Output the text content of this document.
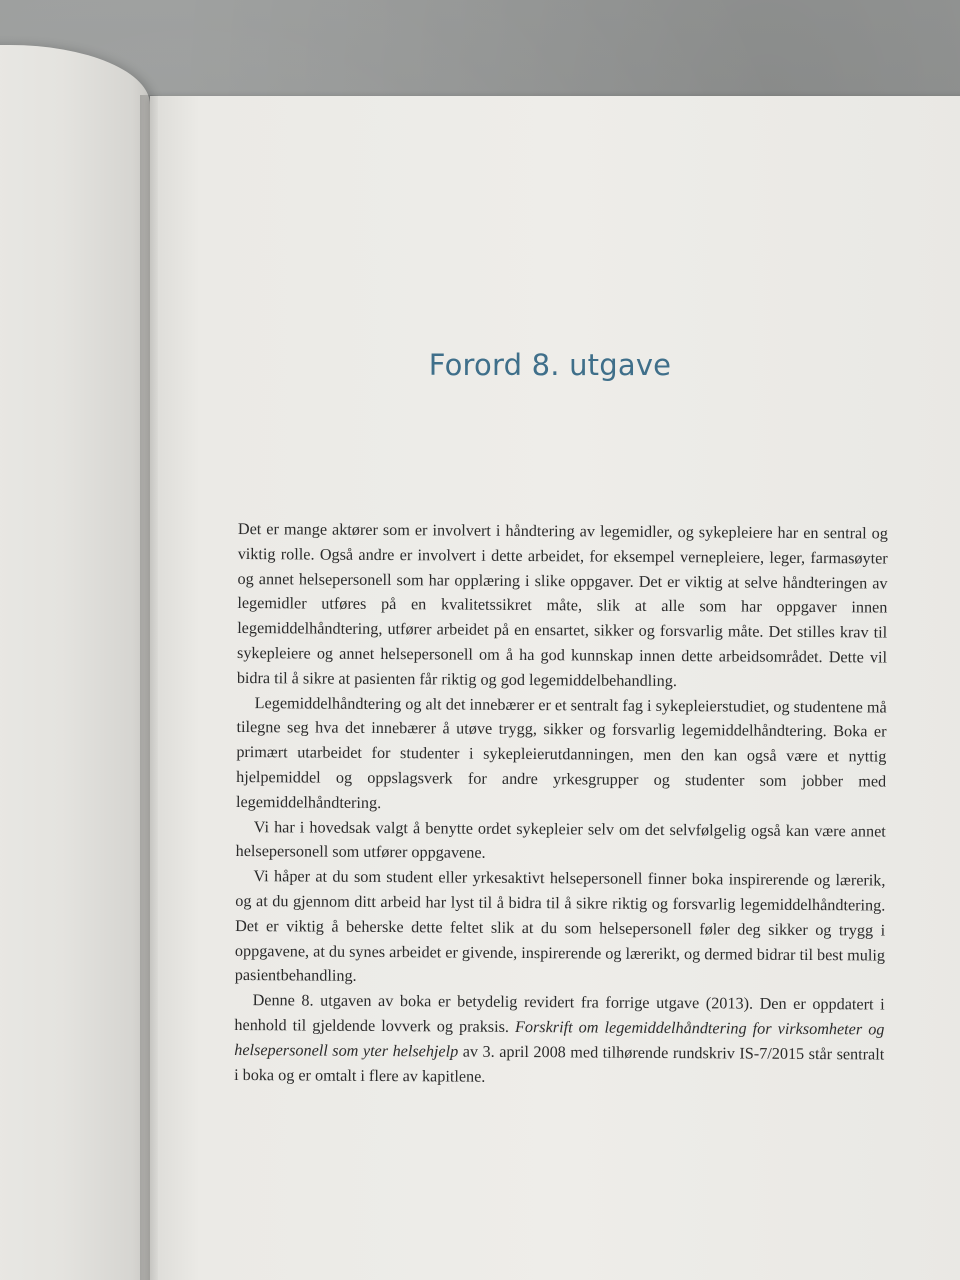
Forord 8. utgave

Det er mange aktører som er involvert i håndtering av legemidler, og sykepleiere har en sentral og viktig rolle. Også andre er involvert i dette arbeidet, for eksempel vernepleiere, leger, farmasøyter og annet helsepersonell som har opplæring i slike oppgaver. Det er viktig at selve håndteringen av legemidler utføres på en kvalitetssikret måte, slik at alle som har oppgaver innen legemiddelhåndtering, utfører arbeidet på en ensartet, sikker og forsvarlig måte. Det stilles krav til sykepleiere og annet helsepersonell om å ha god kunnskap innen dette arbeidsområdet. Dette vil bidra til å sikre at pasienten får riktig og god legemiddelbehandling.

Legemiddelhåndtering og alt det innebærer er et sentralt fag i sykepleierstudiet, og studentene må tilegne seg hva det innebærer å utøve trygg, sikker og forsvarlig legemiddelhåndtering. Boka er primært utarbeidet for studenter i sykepleierutdanningen, men den kan også være et nyttig hjelpemiddel og oppslagsverk for andre yrkesgrupper og studenter som jobber med legemiddelhåndtering.

Vi har i hovedsak valgt å benytte ordet sykepleier selv om det selvfølgelig også kan være annet helsepersonell som utfører oppgavene.

Vi håper at du som student eller yrkesaktivt helsepersonell finner boka inspirerende og lærerik, og at du gjennom ditt arbeid har lyst til å bidra til å sikre riktig og forsvarlig legemiddelhåndtering. Det er viktig å beherske dette feltet slik at du som helsepersonell føler deg sikker og trygg i oppgavene, at du synes arbeidet er givende, inspirerende og lærerikt, og dermed bidrar til best mulig pasientbehandling.

Denne 8. utgaven av boka er betydelig revidert fra forrige utgave (2013). Den er oppdatert i henhold til gjeldende lovverk og praksis. Forskrift om legemiddelhåndtering for virksomheter og helsepersonell som yter helsehjelp av 3. april 2008 med tilhørende rundskriv IS-7/2015 står sentralt i boka og er omtalt i flere av kapitlene.
